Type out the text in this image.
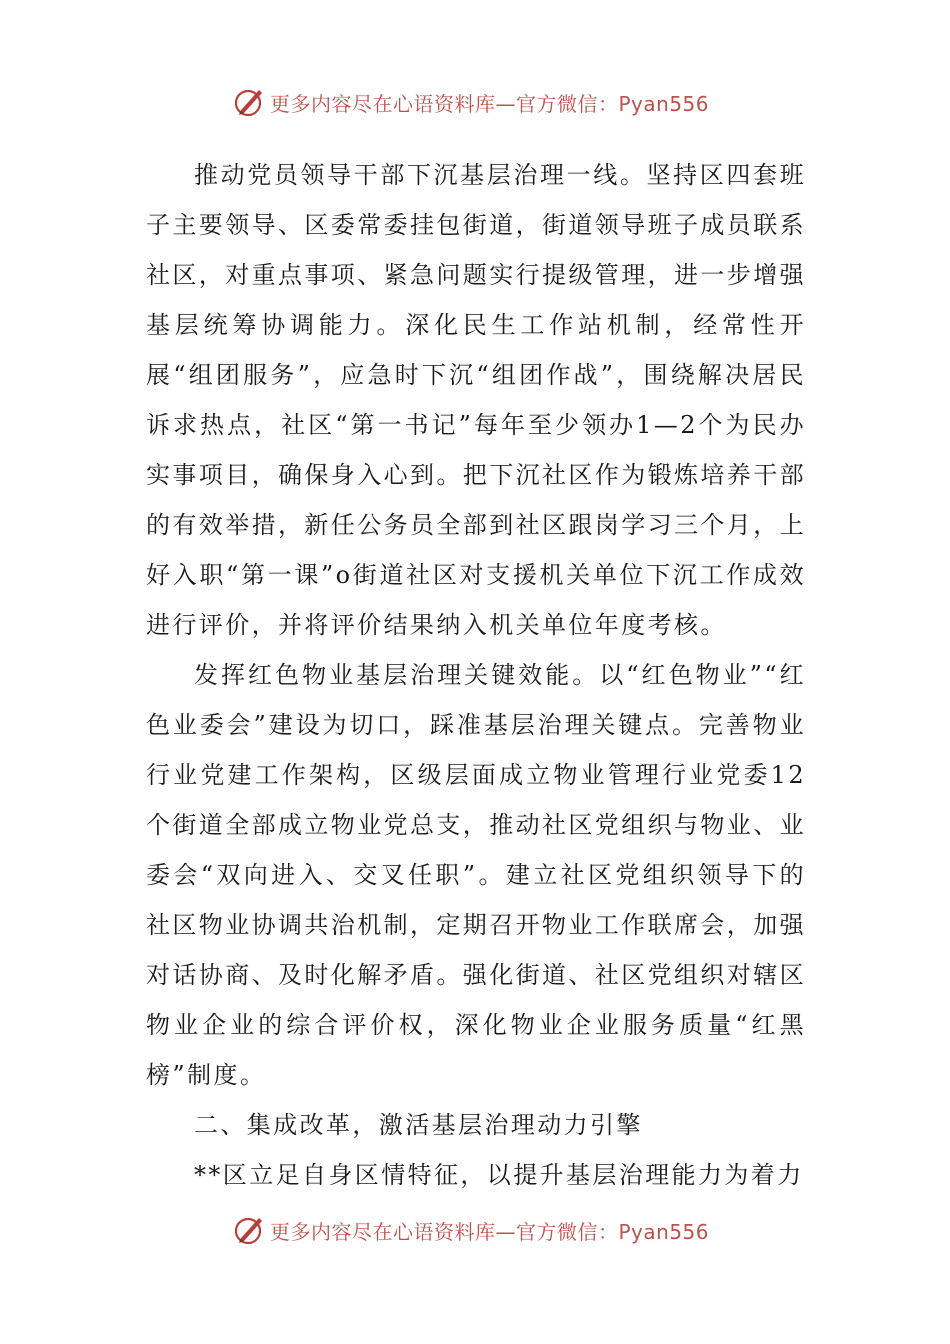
更多内容尽在心语资料库—官方微信：Pyan556

推动党员领导干部下沉基层治理一线。坚持区四套班子主要领导、区委常委挂包街道，街道领导班子成员联系社区，对重点事项、紧急问题实行提级管理，进一步增强基层统筹协调能力。深化民生工作站机制，经常性开展“组团服务”，应急时下沉“组团作战”，围绕解决居民诉求热点，社区“第一书记”每年至少领办1—2个为民办实事项目，确保身入心到。把下沉社区作为锻炼培养干部的有效举措，新任公务员全部到社区跟岗学习三个月，上好入职“第一课”o街道社区对支援机关单位下沉工作成效进行评价，并将评价结果纳入机关单位年度考核。

发挥红色物业基层治理关键效能。以“红色物业”“红色业委会”建设为切口，踩准基层治理关键点。完善物业行业党建工作架构，区级层面成立物业管理行业党委12个街道全部成立物业党总支，推动社区党组织与物业、业委会“双向进入、交叉任职”。建立社区党组织领导下的社区物业协调共治机制，定期召开物业工作联席会，加强对话协商、及时化解矛盾。强化街道、社区党组织对辖区物业企业的综合评价权，深化物业企业服务质量“红黑榜”制度。

二、集成改革，激活基层治理动力引擎

**区立足自身区情特征，以提升基层治理能力为着力

更多内容尽在心语资料库—官方微信：Pyan556
